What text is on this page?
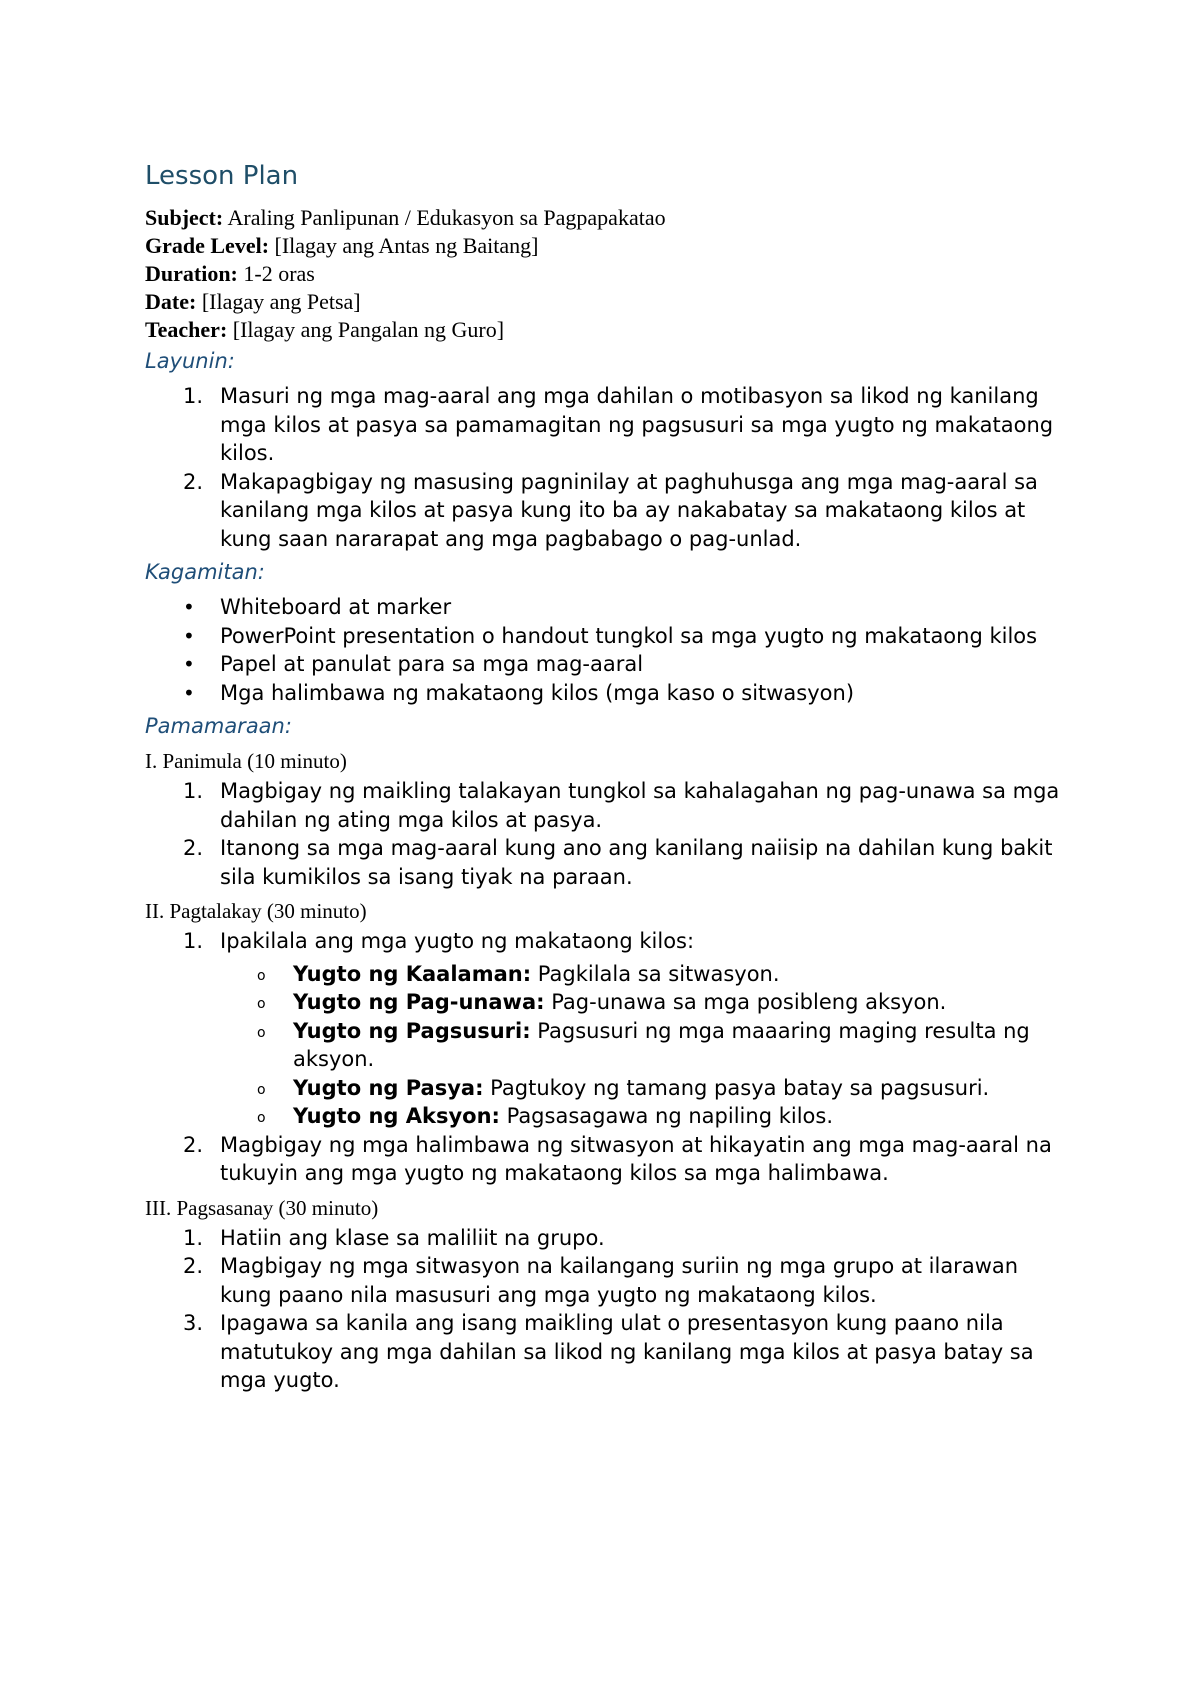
Lesson Plan

Subject: Araling Panlipunan / Edukasyon sa Pagpapakatao

Grade Level: [Ilagay ang Antas ng Baitang]

Duration: 1-2 oras

Date: [Ilagay ang Petsa]

Teacher: [Ilagay ang Pangalan ng Guro]

Layunin:
1. Masuri ng mga mag-aaral ang mga dahilan o motibasyon sa likod ng kanilang mga kilos at pasya sa pamamagitan ng pagsusuri sa mga yugto ng makataong kilos.
2. Makapagbigay ng masusing pagninilay at paghuhusga ang mga mag-aaral sa kanilang mga kilos at pasya kung ito ba ay nakabatay sa makataong kilos at kung saan nararapat ang mga pagbabago o pag-unlad.
Kagamitan:
• Whiteboard at marker
• PowerPoint presentation o handout tungkol sa mga yugto ng makataong kilos
• Papel at panulat para sa mga mag-aaral
• Mga halimbawa ng makataong kilos (mga kaso o sitwasyon)
Pamamaraan:
I. Panimula (10 minuto)
1. Magbigay ng maikling talakayan tungkol sa kahalagahan ng pag-unawa sa mga dahilan ng ating mga kilos at pasya.
2. Itanong sa mga mag-aaral kung ano ang kanilang naiisip na dahilan kung bakit sila kumikilos sa isang tiyak na paraan.
II. Pagtalakay (30 minuto)
1. Ipakilala ang mga yugto ng makataong kilos:
o Yugto ng Kaalaman: Pagkilala sa sitwasyon.
o Yugto ng Pag-unawa: Pag-unawa sa mga posibleng aksyon.
o Yugto ng Pagsusuri: Pagsusuri ng mga maaaring maging resulta ng aksyon.
o Yugto ng Pasya: Pagtukoy ng tamang pasya batay sa pagsusuri.
o Yugto ng Aksyon: Pagsasagawa ng napiling kilos.
2. Magbigay ng mga halimbawa ng sitwasyon at hikayatin ang mga mag-aaral na tukuyin ang mga yugto ng makataong kilos sa mga halimbawa.
III. Pagsasanay (30 minuto)
1. Hatiin ang klase sa maliliit na grupo.
2. Magbigay ng mga sitwasyon na kailangang suriin ng mga grupo at ilarawan kung paano nila masusuri ang mga yugto ng makataong kilos.
3. Ipagawa sa kanila ang isang maikling ulat o presentasyon kung paano nila matutukoy ang mga dahilan sa likod ng kanilang mga kilos at pasya batay sa mga yugto.
